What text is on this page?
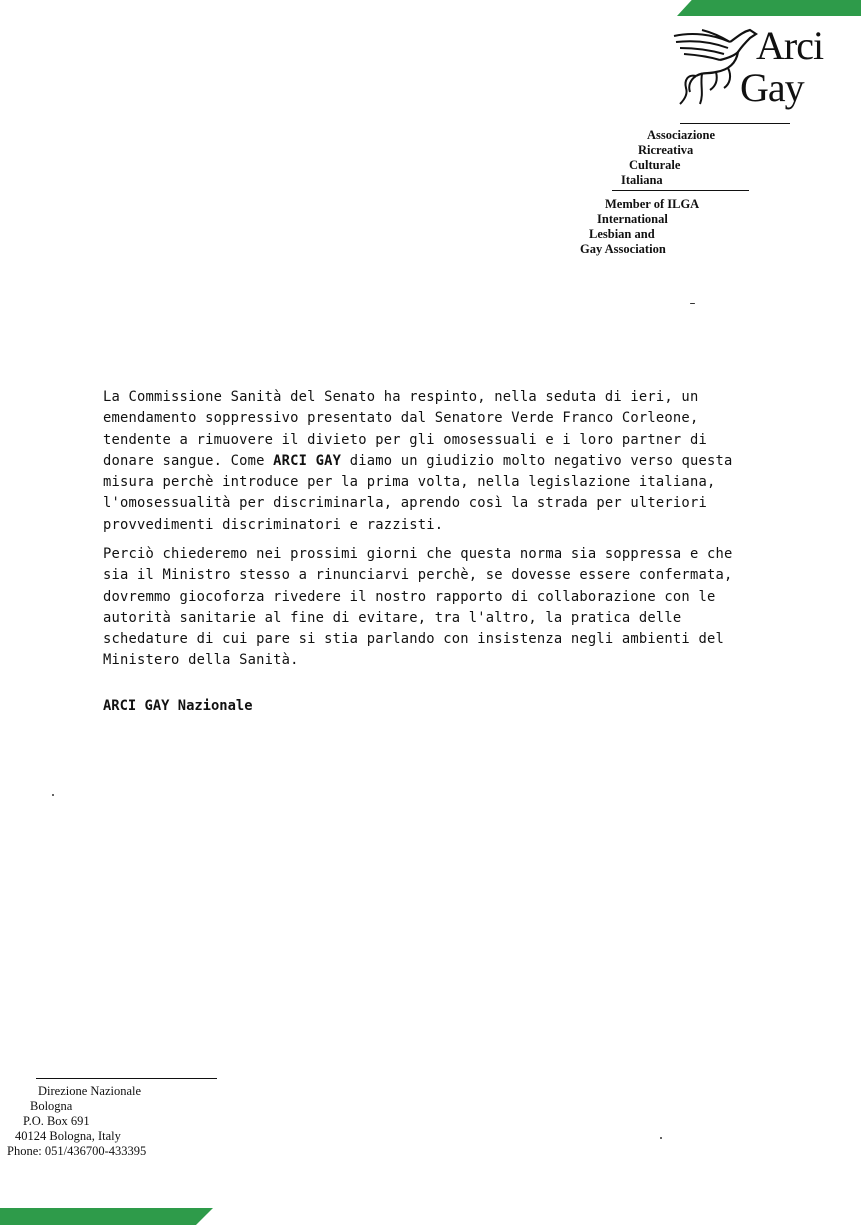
Arci
Gay
Associazione
Ricreativa
Culturale
Italiana
Member of ILGA
International
Lesbian and
Gay Association

La Commissione Sanità del Senato ha respinto, nella seduta di ieri, un

emendamento soppressivo presentato dal Senatore Verde Franco Corleone,

tendente a rimuovere il divieto per gli omosessuali e i loro partner di

donare sangue. Come ARCI GAY diamo un giudizio molto negativo verso questa

misura perchè introduce per la prima volta, nella legislazione italiana,

l'omosessualità per discriminarla, aprendo così la strada per ulteriori

provvedimenti discriminatori e razzisti.

Perciò chiederemo nei prossimi giorni che questa norma sia soppressa e che

sia il Ministro stesso a rinunciarvi perchè, se dovesse essere confermata,

dovremmo giocoforza rivedere il nostro rapporto di collaborazione con le

autorità sanitarie al fine di evitare, tra l'altro, la pratica delle

schedature di cui pare si stia parlando con insistenza negli ambienti del

Ministero della Sanità.

ARCI GAY Nazionale
Direzione Nazionale
Bologna
P.O. Box 691
40124 Bologna, Italy
Phone: 051/436700-433395
